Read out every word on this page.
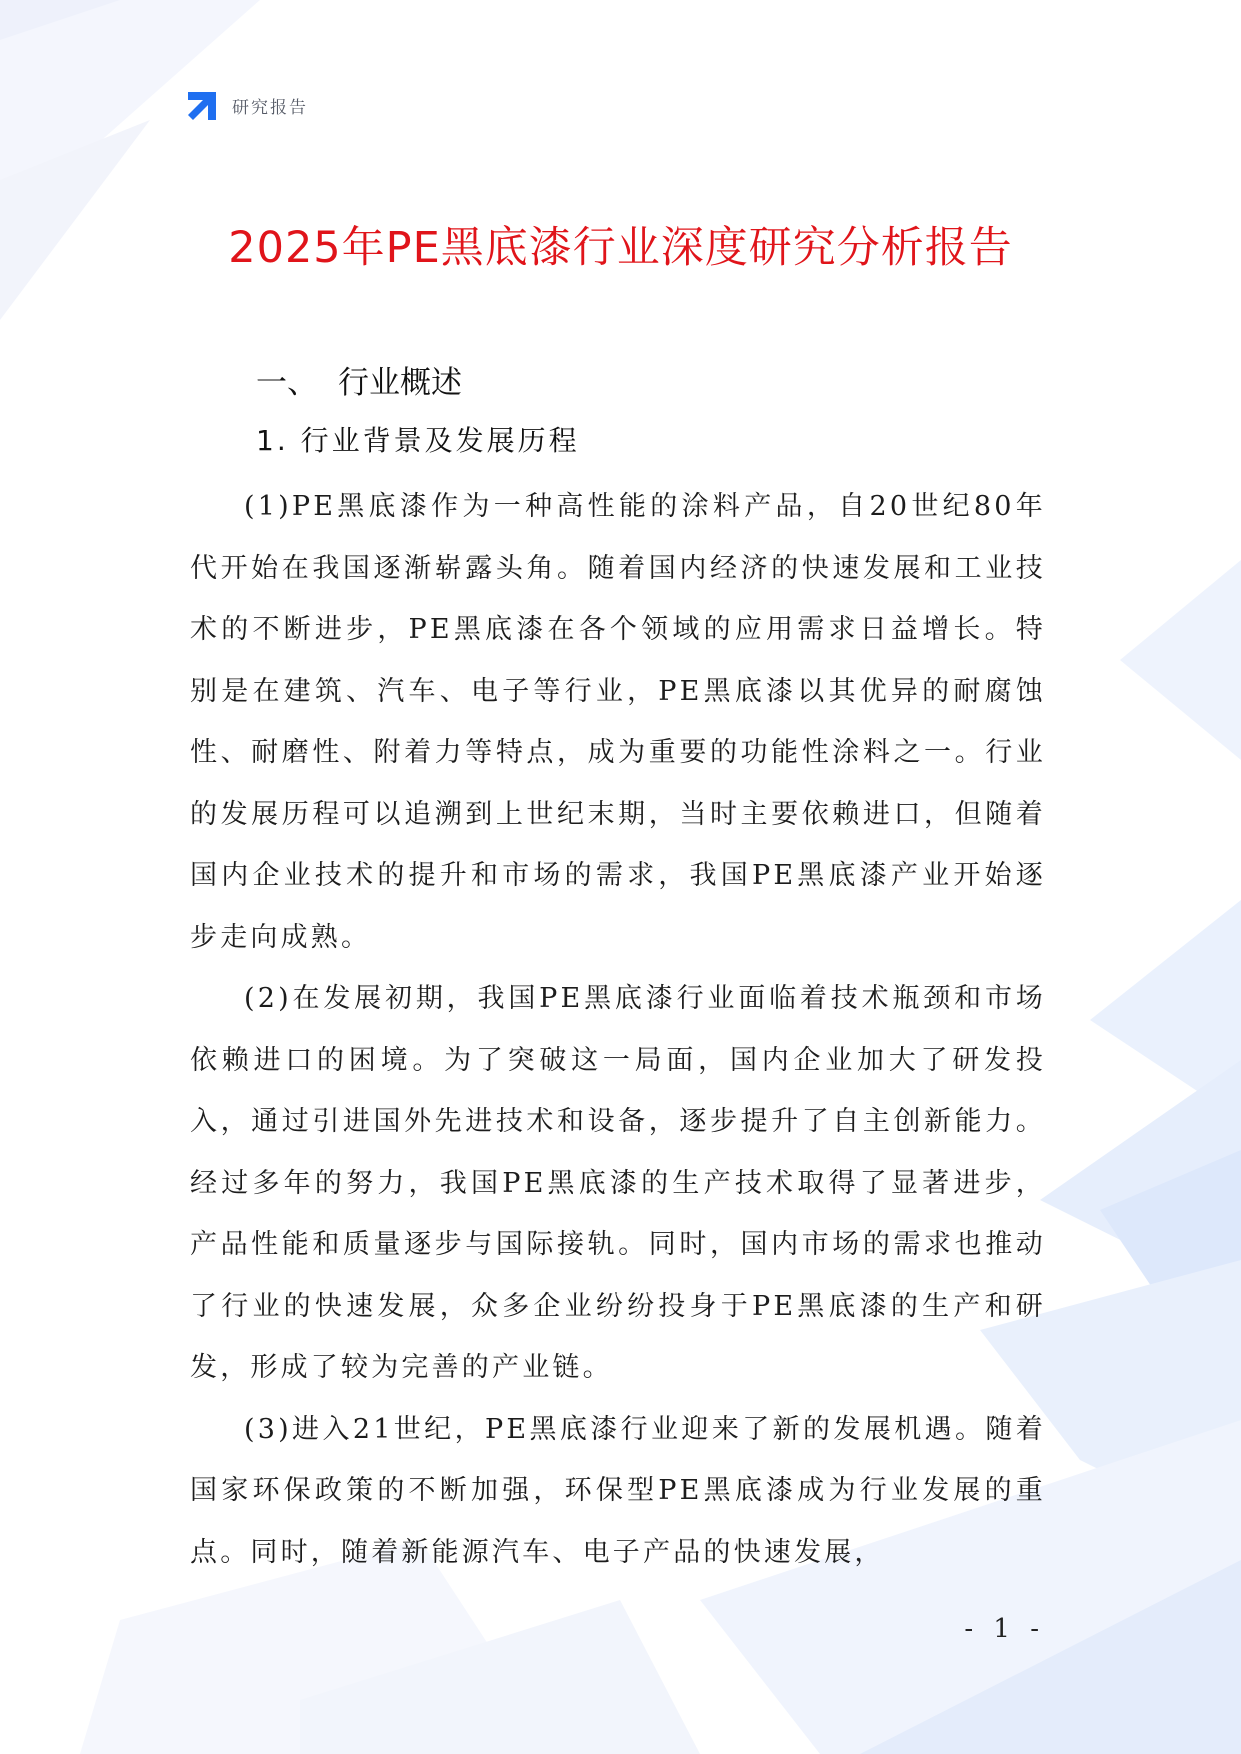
研究报告
2025年PE黑底漆行业深度研究分析报告
一、 行业概述
1. 行业背景及发展历程

(1)PE黑底漆作为一种高性能的涂料产品，自20世纪80年代开始在我国逐渐崭露头角。随着国内经济的快速发展和工业技术的不断进步，PE黑底漆在各个领域的应用需求日益增长。特别是在建筑、汽车、电子等行业，PE黑底漆以其优异的耐腐蚀性、耐磨性、附着力等特点，成为重要的功能性涂料之一。行业的发展历程可以追溯到上世纪末期，当时主要依赖进口，但随着国内企业技术的提升和市场的需求，我国PE黑底漆产业开始逐步走向成熟。

(2)在发展初期，我国PE黑底漆行业面临着技术瓶颈和市场依赖进口的困境。为了突破这一局面，国内企业加大了研发投入，通过引进国外先进技术和设备，逐步提升了自主创新能力。经过多年的努力，我国PE黑底漆的生产技术取得了显著进步，产品性能和质量逐步与国际接轨。同时，国内市场的需求也推动了行业的快速发展，众多企业纷纷投身于PE黑底漆的生产和研发，形成了较为完善的产业链。

(3)进入21世纪，PE黑底漆行业迎来了新的发展机遇。随着国家环保政策的不断加强，环保型PE黑底漆成为行业发展的重点。同时，随着新能源汽车、电子产品的快速发展，

- 1 -
